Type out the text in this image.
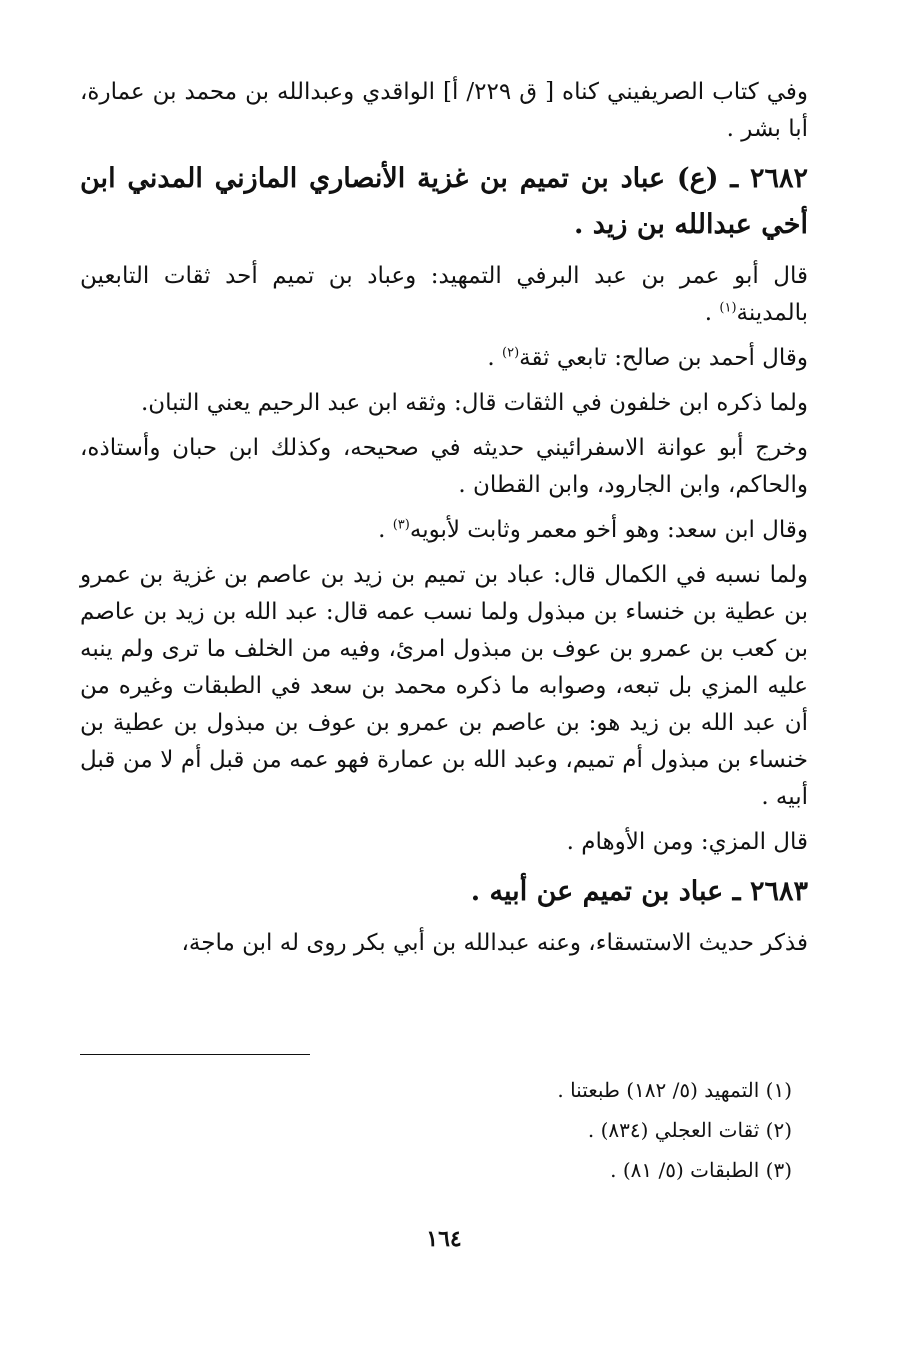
وفي كتاب الصريفيني كناه [ ق ٢٢٩/ أ] الواقدي وعبدالله بن محمد بن عمارة، أبا بشر .

٢٦٨٢ ـ (ع) عباد بن تميم بن غزية الأنصاري المازني المدني ابن أخي عبدالله بن زيد .

قال أبو عمر بن عبد البرفي التمهيد: وعباد بن تميم أحد ثقات التابعين بالمدينة$^{(١)}$ .

وقال أحمد بن صالح: تابعي ثقة$^{(٢)}$ .

ولما ذكره ابن خلفون في الثقات قال: وثقه ابن عبد الرحيم يعني التبان.

وخرج أبو عوانة الاسفرائيني حديثه في صحيحه، وكذلك ابن حبان وأستاذه، والحاكم، وابن الجارود، وابن القطان .

وقال ابن سعد: وهو أخو معمر وثابت لأبويه$^{(٣)}$ .

ولما نسبه في الكمال قال: عباد بن تميم بن زيد بن عاصم بن غزية بن عمرو بن عطية بن خنساء بن مبذول ولما نسب عمه قال: عبد الله بن زيد بن عاصم بن كعب بن عمرو بن عوف بن مبذول امرئ، وفيه من الخلف ما ترى ولم ينبه عليه المزي بل تبعه، وصوابه ما ذكره محمد بن سعد في الطبقات وغيره من أن عبد الله بن زيد هو: بن عاصم بن عمرو بن عوف بن مبذول بن عطية بن خنساء بن مبذول أم تميم، وعبد الله بن عمارة فهو عمه من قبل أم لا من قبل أبيه .

قال المزي: ومن الأوهام .

٢٦٨٣ ـ عباد بن تميم عن أبيه .

فذكر حديث الاستسقاء، وعنه عبدالله بن أبي بكر روى له ابن ماجة،

(١) التمهيد (٥/ ١٨٢) طبعتنا .

(٢) ثقات العجلي (٨٣٤) .

(٣) الطبقات (٥/ ٨١) .

١٦٤
